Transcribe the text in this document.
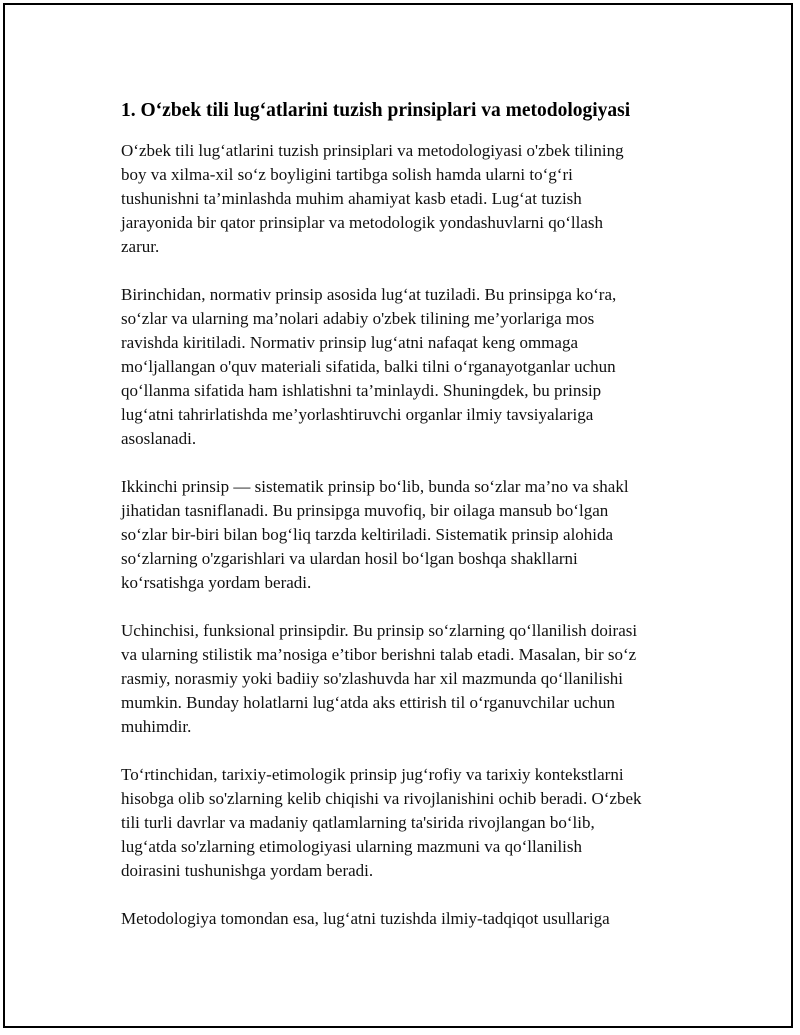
1. O‘zbek tili lug‘atlarini tuzish prinsiplari va metodologiyasi

O‘zbek tili lug‘atlarini tuzish prinsiplari va metodologiyasi o'zbek tilining
boy va xilma-xil so‘z boyligini tartibga solish hamda ularni to‘g‘ri
tushunishni ta’minlashda muhim ahamiyat kasb etadi. Lug‘at tuzish
jarayonida bir qator prinsiplar va metodologik yondashuvlarni qo‘llash
zarur.

Birinchidan, normativ prinsip asosida lug‘at tuziladi. Bu prinsipga ko‘ra,
so‘zlar va ularning ma’nolari adabiy o'zbek tilining me’yorlariga mos
ravishda kiritiladi. Normativ prinsip lug‘atni nafaqat keng ommaga
mo‘ljallangan o'quv materiali sifatida, balki tilni o‘rganayotganlar uchun
qo‘llanma sifatida ham ishlatishni ta’minlaydi. Shuningdek, bu prinsip
lug‘atni tahrirlatishda me’yorlashtiruvchi organlar ilmiy tavsiyalariga
asoslanadi.

Ikkinchi prinsip — sistematik prinsip bo‘lib, bunda so‘zlar ma’no va shakl
jihatidan tasniflanadi. Bu prinsipga muvofiq, bir oilaga mansub bo‘lgan
so‘zlar bir-biri bilan bog‘liq tarzda keltiriladi. Sistematik prinsip alohida
so‘zlarning o'zgarishlari va ulardan hosil bo‘lgan boshqa shakllarni
ko‘rsatishga yordam beradi.

Uchinchisi, funksional prinsipdir. Bu prinsip so‘zlarning qo‘llanilish doirasi
va ularning stilistik ma’nosiga e’tibor berishni talab etadi. Masalan, bir so‘z
rasmiy, norasmiy yoki badiiy so'zlashuvda har xil mazmunda qo‘llanilishi
mumkin. Bunday holatlarni lug‘atda aks ettirish til o‘rganuvchilar uchun
muhimdir.

To‘rtinchidan, tarixiy-etimologik prinsip jug‘rofiy va tarixiy kontekstlarni
hisobga olib so'zlarning kelib chiqishi va rivojlanishini ochib beradi. O‘zbek
tili turli davrlar va madaniy qatlamlarning ta'sirida rivojlangan bo‘lib,
lug‘atda so'zlarning etimologiyasi ularning mazmuni va qo‘llanilish
doirasini tushunishga yordam beradi.

Metodologiya tomondan esa, lug‘atni tuzishda ilmiy-tadqiqot usullariga
